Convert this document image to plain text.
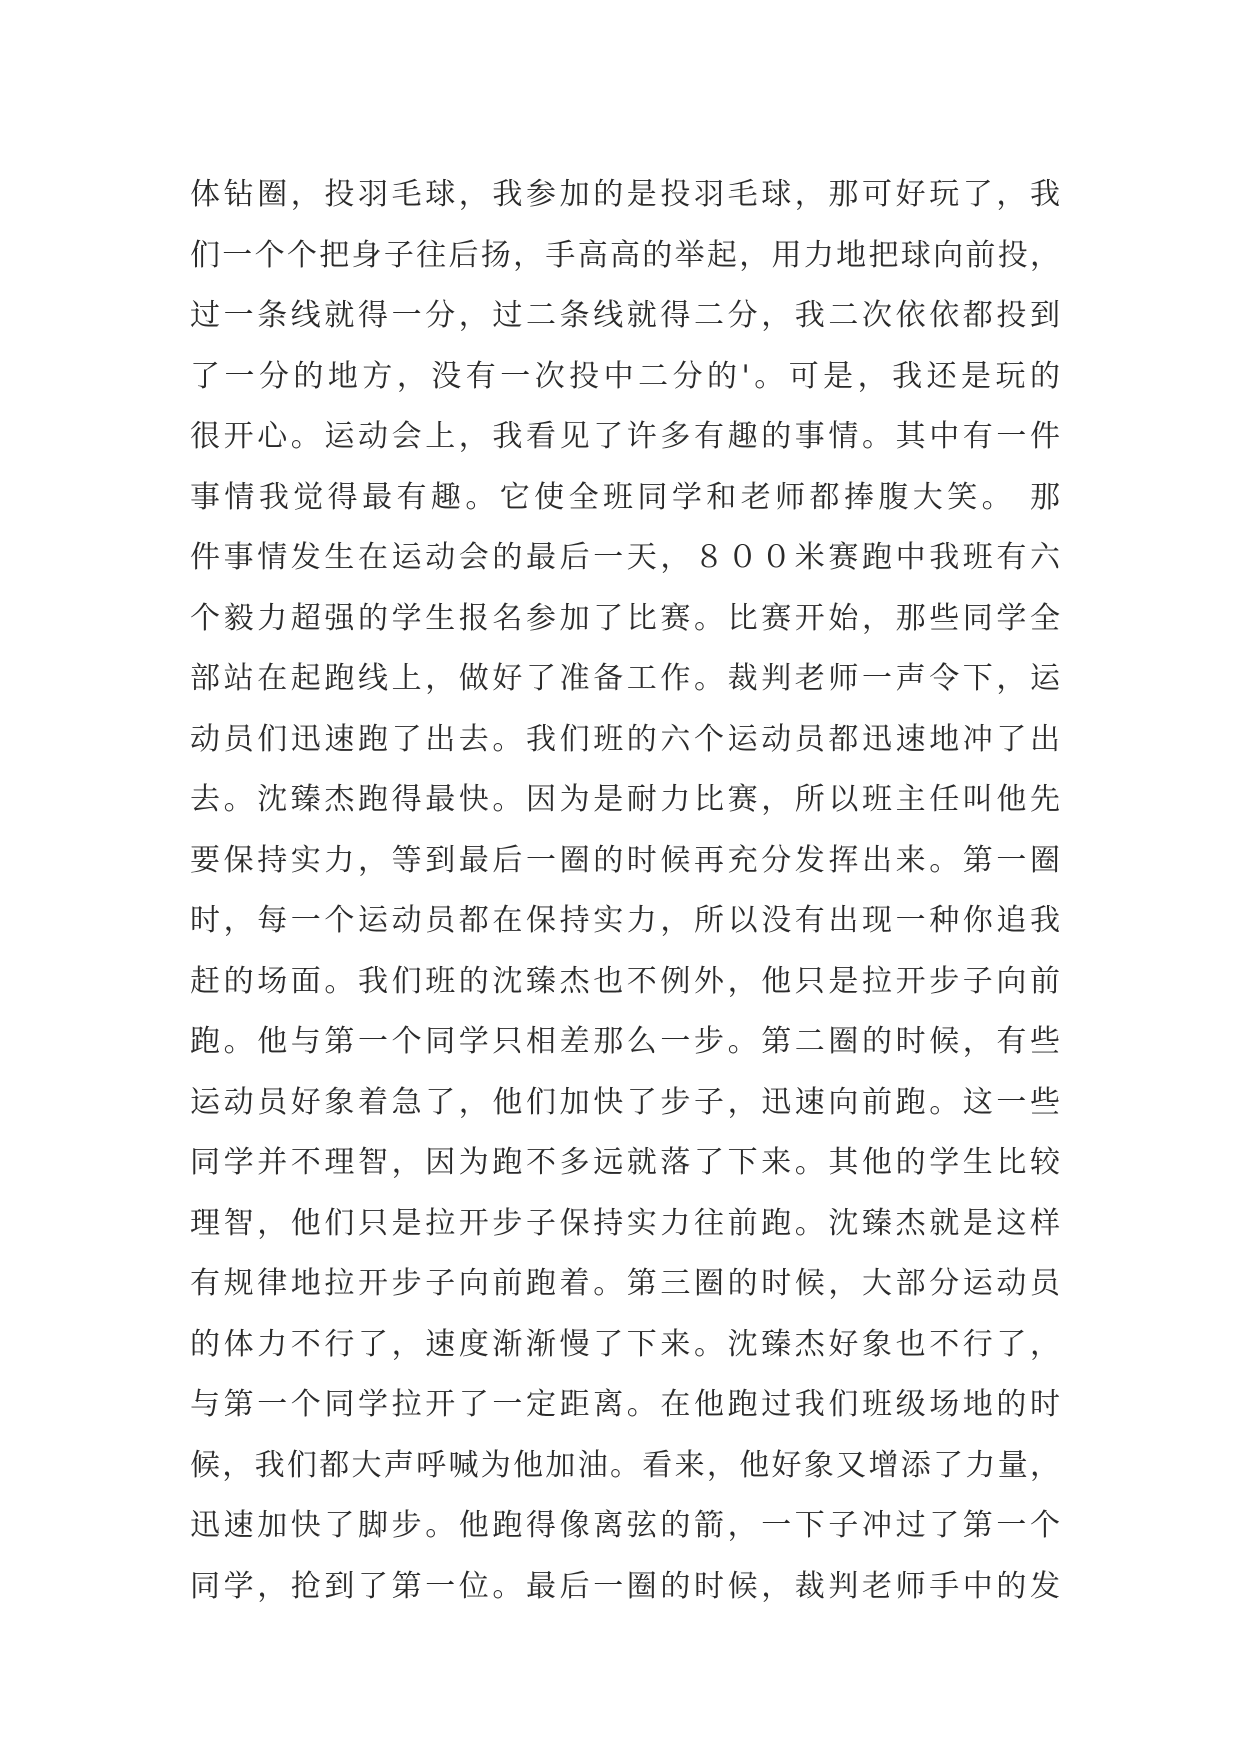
体钻圈，投羽毛球，我参加的是投羽毛球，那可好玩了，我
们一个个把身子往后扬，手高高的举起，用力地把球向前投，
过一条线就得一分，过二条线就得二分，我二次依依都投到
了一分的地方，没有一次投中二分的'。可是，我还是玩的
很开心。运动会上，我看见了许多有趣的事情。其中有一件
事情我觉得最有趣。它使全班同学和老师都捧腹大笑。 那
件事情发生在运动会的最后一天，８００米赛跑中我班有六
个毅力超强的学生报名参加了比赛。比赛开始，那些同学全
部站在起跑线上，做好了准备工作。裁判老师一声令下，运
动员们迅速跑了出去。我们班的六个运动员都迅速地冲了出
去。沈臻杰跑得最快。因为是耐力比赛，所以班主任叫他先
要保持实力，等到最后一圈的时候再充分发挥出来。第一圈
时，每一个运动员都在保持实力，所以没有出现一种你追我
赶的场面。我们班的沈臻杰也不例外，他只是拉开步子向前
跑。他与第一个同学只相差那么一步。第二圈的时候，有些
运动员好象着急了，他们加快了步子，迅速向前跑。这一些
同学并不理智，因为跑不多远就落了下来。其他的学生比较
理智，他们只是拉开步子保持实力往前跑。沈臻杰就是这样
有规律地拉开步子向前跑着。第三圈的时候，大部分运动员
的体力不行了，速度渐渐慢了下来。沈臻杰好象也不行了，
与第一个同学拉开了一定距离。在他跑过我们班级场地的时
候，我们都大声呼喊为他加油。看来，他好象又增添了力量，
迅速加快了脚步。他跑得像离弦的箭，一下子冲过了第一个
同学，抢到了第一位。最后一圈的时候，裁判老师手中的发
